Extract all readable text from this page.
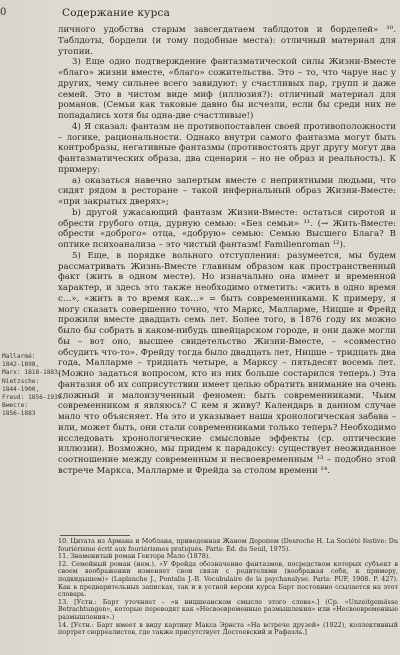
0	Содержание курса

личного удобства старым завсегдатаем таблдотов и борделей» ¹⁰. Таблдоты, бордели (и тому подобные места): отличный материал для утопии.

3) Еще одно подтверждение фантазматической силы Жизни-Вместе «благо» жизни вместе, «благо» сожительства. Это – то, что чаруе нас у других, чему сильнее всего завидуют: у счастливых пар, групп и даже семей. Это в чистом виде миф (иллюзия?): отличный материал для романов. (Семьи как таковые давно бы исчезли, если бы среди них не попадались хотя бы одна-две счастливые!)

4) Я сказал: фантазм не противопоставлен своей противоположности – логике, рациональности. Однако внутри самого фантазма могут быть контробразы, негативные фантазмы (противостоять друг другу могут два фантазматических образа, два сценария – но не образ и реальность). К примеру:

a) оказаться навечно запертым вместе с неприятными людьми, что сидят рядом в ресторане – такой инфернальный образ Жизни-Вместе: «при закрытых дверях»;

b) другой ужасающий фантазм Жизни-Вместе: остаться сиротой и обрести грубого отца, дурную семью: «Без семьи» ¹¹. (→ Жить-Вместе: обрести «доброго» отца, «добрую» семью: Семью Высшего Блага? В оптике психоанализа – это чистый фантазм! Familienroman ¹²).

5) Еще, в порядке вольного отступления: разумеется, мы будем рассматривать Жизнь-Вместе главным образом как пространственный факт (жить в одном месте). Но изначально она имеет и временной характер, и здесь это также необходимо отметить: «жить в одно время с…», «жить в то время как…» = быть современниками. К примеру, я могу сказать совершенно точно, что Маркс, Малларме, Ницше и Фрейд прожили вместе двадцать семь лет. Более того, в 1876 году их можно было бы собрать в каком-нибудь швейцарском городе, и они даже могли бы – вот оно, высшее свидетельство Жизни-Вместе, – «совместно обсудить что-то». Фрейду тогда было двадцать лет, Ницше – тридцать два года, Малларме – тридцать четыре, а Марксу – пятьдесят восемь лет. (Можно задаться вопросом, кто из них больше состарился теперь.) Эта фантазия об их соприсутствии имеет целью обратить внимание на очень сложный и малоизученный феномен: быть современниками. Чьим современником я являюсь? С кем я живу? Календарь в данном случае мало что объясняет. На это и указывает наша хронологическая забава – или, может быть, они стали современниками только теперь? Необходимо исследовать хронологические смысловые эффекты (ср. оптические иллюзии). Возможно, мы придем к парадоксу: существует неожиданное соотношение между современным и несвоевременным ¹³ – подобно этой встрече Маркса, Малларме и Фрейда за столом времени ¹⁴.

Mallarmé:
1842-1898,
Marx: 1818-1883,
Nietzsche:
1844-1900,
Freud: 1856-1939.
Вместе:
1856-1883

10. Цитата из Армана и Моблана, приведенная Жаном Деропем (Desroche H. La Société festive: Du fouriérisme écrit aux fouriérismes pratiqués. Paris: Éd. du Seuil, 1975).

11. Знаменитый роман Гектора Мало (1878).

12. Семейный роман (нем.). «У Фрейда обозначение фантазмов, посредством которых субъект в своем воображении изменяет свои связи с родителями (воображая себя, к примеру, подкидышем)» (Laplanche J., Pontalis J.-B. Vocabulaire de la psychanalyse. Paris: PUF, 1908. P. 427). Как в предварительных записках, так и в устной версии курса Барт постоянно ссылается на этот словарь.

13. [Устн.: Барт уточняет – «в ницшеанском смысле этого слова».] (Ср. «Unzeitgemässe Betrachtungen», которые переводят как «Несвоевременные размышления» или «Несвоевременные размышления».)

14. [Устн.: Барт имеет в виду картину Макса Эрнста «На встрече друзей» (1922), коллективный портрет сюрреалистов, где также присутствует Достоевский и Рафаэль.]
